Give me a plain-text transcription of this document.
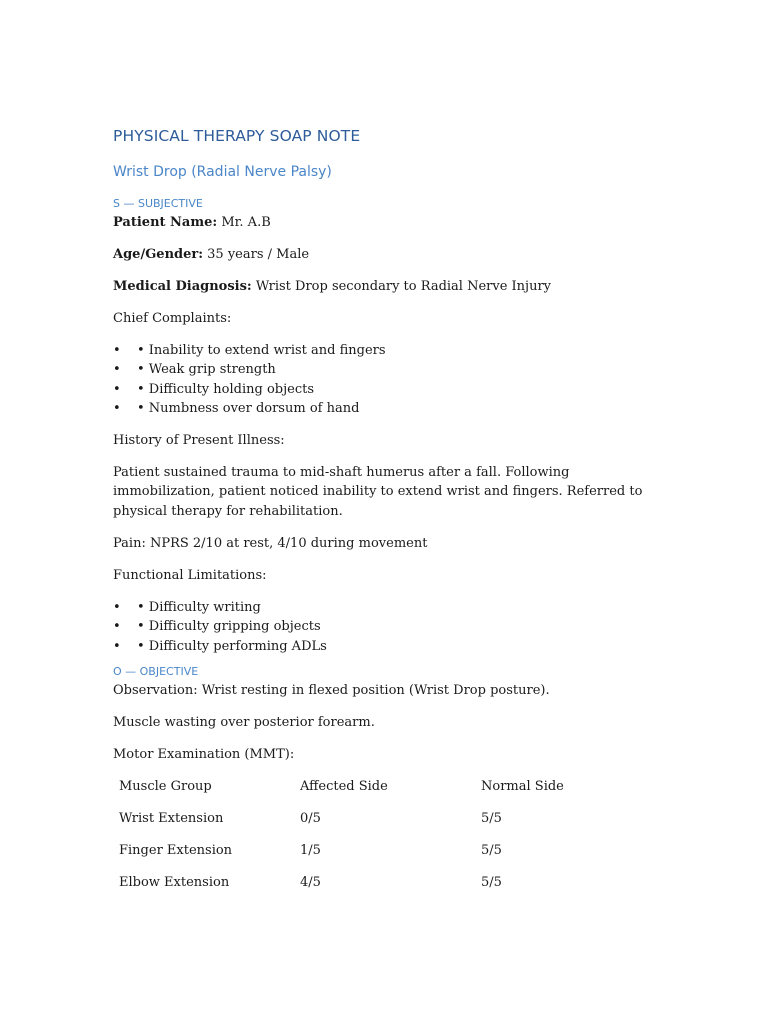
PHYSICAL THERAPY SOAP NOTE
Wrist Drop (Radial Nerve Palsy)
S — SUBJECTIVE

Patient Name: Mr. A.B

Age/Gender: 35 years / Male

Medical Diagnosis: Wrist Drop secondary to Radial Nerve Injury

Chief Complaints:

• • Inability to extend wrist and fingers
• • Weak grip strength
• • Difficulty holding objects
• • Numbness over dorsum of hand

History of Present Illness:

Patient sustained trauma to mid-shaft humerus after a fall. Following immobilization, patient noticed inability to extend wrist and fingers. Referred to physical therapy for rehabilitation.

Pain: NPRS 2/10 at rest, 4/10 during movement

Functional Limitations:

• • Difficulty writing
• • Difficulty gripping objects
• • Difficulty performing ADLs
O — OBJECTIVE

Observation: Wrist resting in flexed position (Wrist Drop posture).

Muscle wasting over posterior forearm.

Motor Examination (MMT):

Muscle Group	Affected Side	Normal Side
Wrist Extension	0/5	5/5
Finger Extension	1/5	5/5
Elbow Extension	4/5	5/5
